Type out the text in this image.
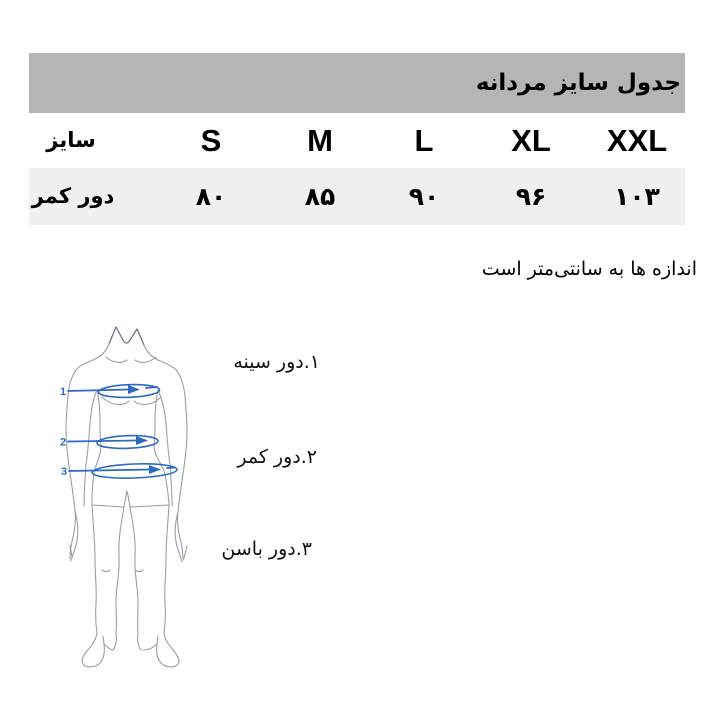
جدول سایز مردانه
سایز	S	M	L	XL	XXL
دور کمر	۸۰	۸۵	۹۰	۹۶	۱۰۳
اندازه ها به سانتی‌متر است
1
2
3
۱.دور سینه
۲.دور کمر
۳.دور باسن
